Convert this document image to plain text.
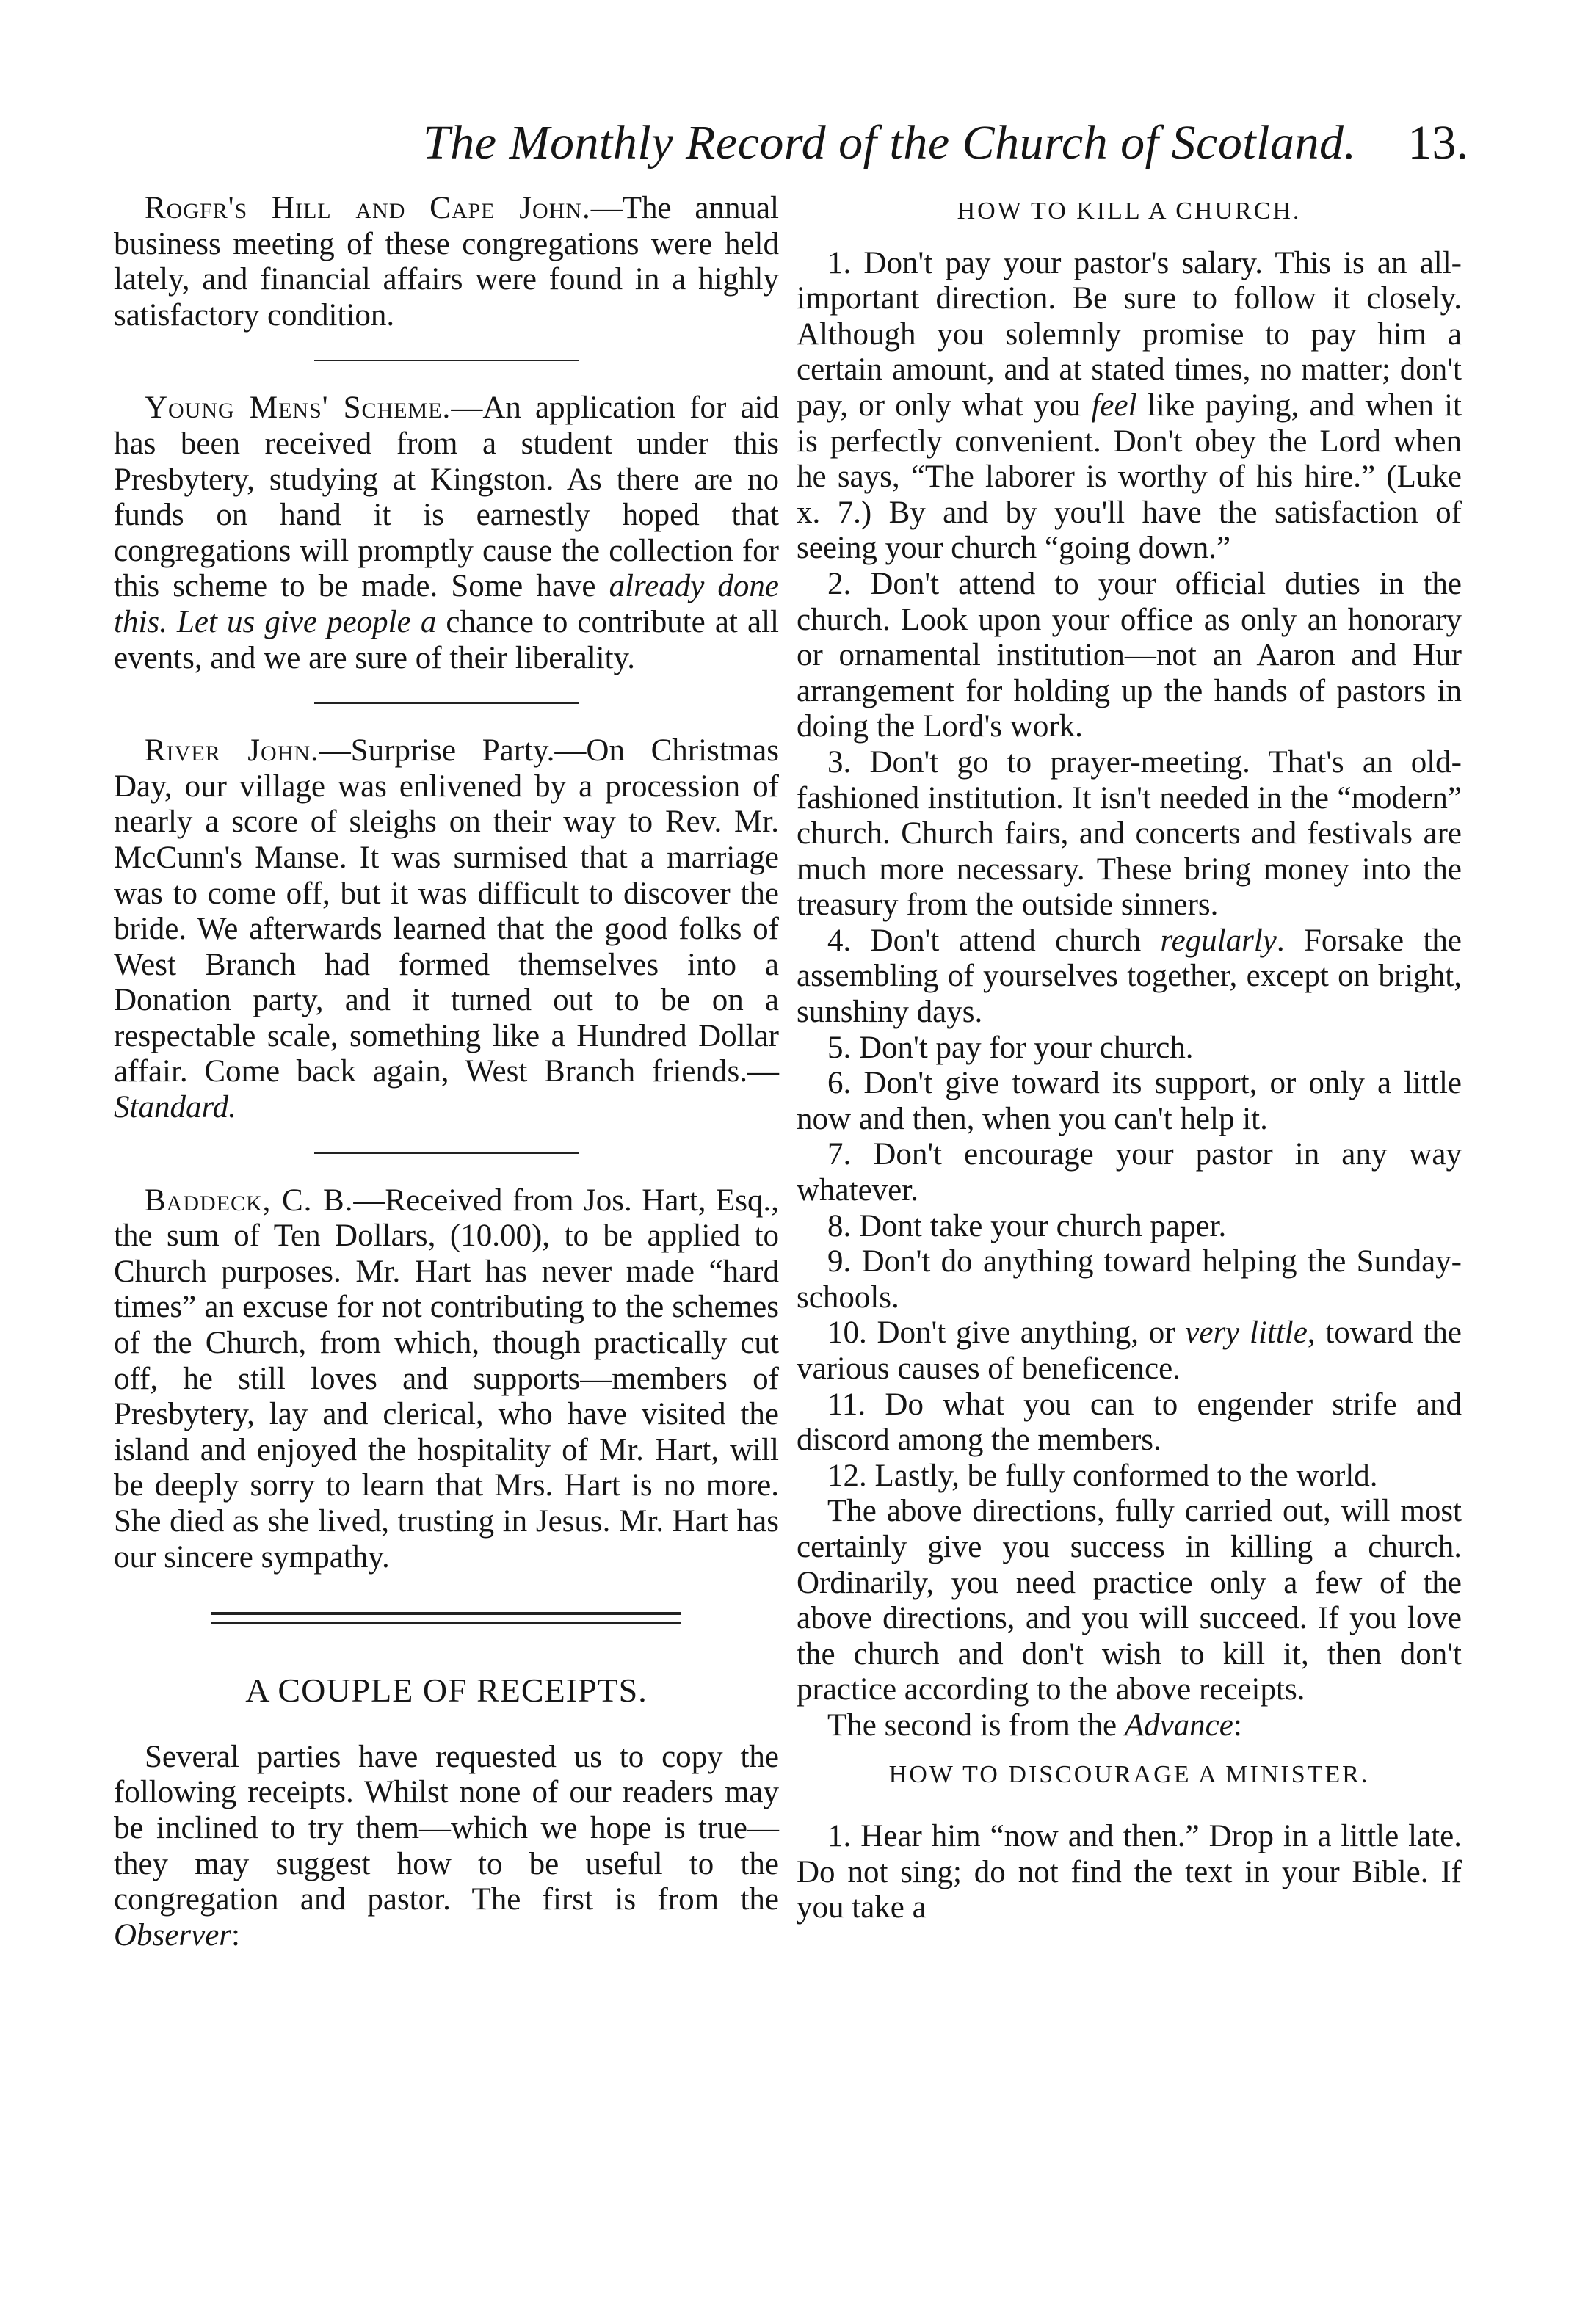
The Monthly Record of the Church of Scotland. 13.

Rogfr's Hill and Cape John.—The annual business meeting of these congregations were held lately, and financial affairs were found in a highly satisfactory condition.

Young Mens' Scheme.—An application for aid has been received from a student under this Presbytery, studying at Kingston. As there are no funds on hand it is earnestly hoped that congregations will promptly cause the collection for this scheme to be made. Some have already done this. Let us give people a chance to contribute at all events, and we are sure of their liberality.

River John.—Surprise Party.—On Christmas Day, our village was enlivened by a procession of nearly a score of sleighs on their way to Rev. Mr. McCunn's Manse. It was surmised that a marriage was to come off, but it was difficult to discover the bride. We afterwards learned that the good folks of West Branch had formed themselves into a Donation party, and it turned out to be on a respectable scale, something like a Hundred Dollar affair. Come back again, West Branch friends.—Standard.

Baddeck, C. B.—Received from Jos. Hart, Esq., the sum of Ten Dollars, (10.00), to be applied to Church purposes. Mr. Hart has never made “hard times” an excuse for not contributing to the schemes of the Church, from which, though practically cut off, he still loves and supports—members of Presbytery, lay and clerical, who have visited the island and enjoyed the hospitality of Mr. Hart, will be deeply sorry to learn that Mrs. Hart is no more. She died as she lived, trusting in Jesus. Mr. Hart has our sincere sympathy.

A COUPLE OF RECEIPTS.

Several parties have requested us to copy the following receipts. Whilst none of our readers may be inclined to try them—which we hope is true—they may suggest how to be useful to the congregation and pastor. The first is from the Observer:

HOW TO KILL A CHURCH.

1. Don't pay your pastor's salary. This is an all-important direction. Be sure to follow it closely. Although you solemnly promise to pay him a certain amount, and at stated times, no matter; don't pay, or only what you feel like paying, and when it is perfectly convenient. Don't obey the Lord when he says, “The laborer is worthy of his hire.” (Luke x. 7.) By and by you'll have the satisfaction of seeing your church “going down.”

2. Don't attend to your official duties in the church. Look upon your office as only an honorary or ornamental institution—not an Aaron and Hur arrangement for holding up the hands of pastors in doing the Lord's work.

3. Don't go to prayer-meeting. That's an old-fashioned institution. It isn't needed in the “modern” church. Church fairs, and concerts and festivals are much more necessary. These bring money into the treasury from the outside sinners.

4. Don't attend church regularly. Forsake the assembling of yourselves together, except on bright, sunshiny days.

5. Don't pay for your church.

6. Don't give toward its support, or only a little now and then, when you can't help it.

7. Don't encourage your pastor in any way whatever.

8. Dont take your church paper.

9. Don't do anything toward helping the Sunday-schools.

10. Don't give anything, or very little, toward the various causes of beneficence.

11. Do what you can to engender strife and discord among the members.

12. Lastly, be fully conformed to the world.

The above directions, fully carried out, will most certainly give you success in killing a church. Ordinarily, you need practice only a few of the above directions, and you will succeed. If you love the church and don't wish to kill it, then don't practice according to the above receipts.

The second is from the Advance:

HOW TO DISCOURAGE A MINISTER.

1. Hear him “now and then.” Drop in a little late. Do not sing; do not find the text in your Bible. If you take a
